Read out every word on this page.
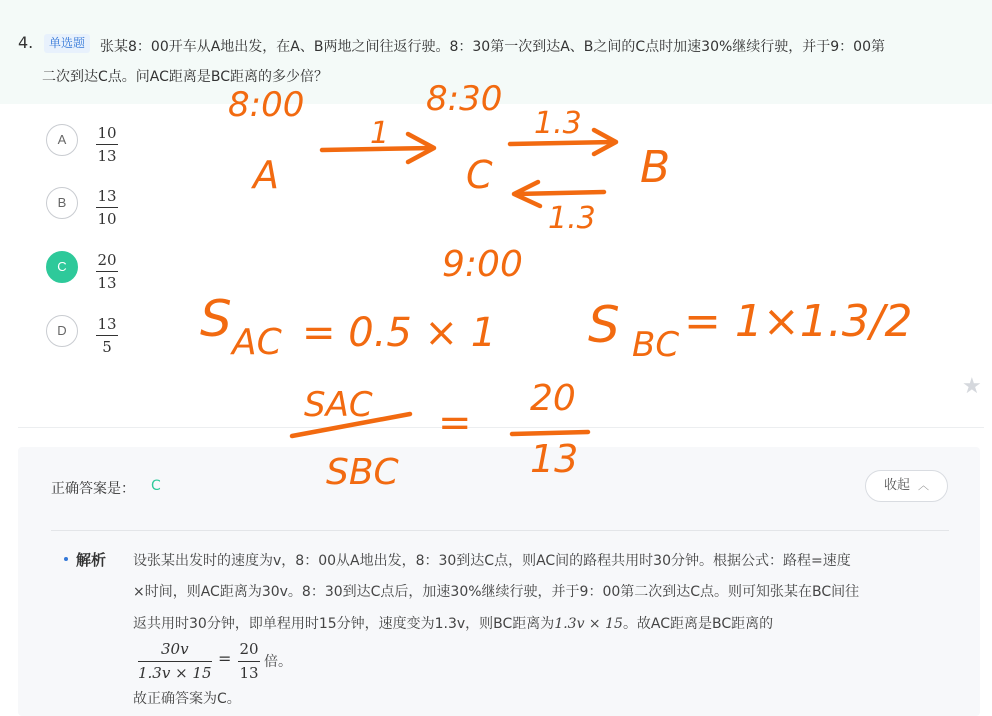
4.	单选题	张某8：00开车从A地出发，在A、B两地之间往返行驶。8：30第一次到达A、B之间的C点时加速30%继续行驶，并于9：00第
二次到达C点。问AC距离是BC距离的多少倍？
A	10
13
B	13
10
C	20
13
D	13
5
★
正确答案是： C	收起 ︿
解析 设张某出发时的速度为v，8：00从A地出发，8：30到达C点，则AC间的路程共用时30分钟。根据公式：路程=速度
×时间，则AC距离为30v。8：30到达C点后，加速30%继续行驶，并于9：00第二次到达C点。则可知张某在BC间往
返共用时30分钟，即单程用时15分钟，速度变为1.3v，则BC距离为1.3v × 15。故AC距离是BC距离的
30v
1.3v × 15
= 20
13
倍。
故正确答案为C。
8:00	8:30
A	C	B
1	1.3
1.3
9:00
S AC = 0.5 × 1 S BC = 1×1.3/2
SAC
SBC
=
20
13
